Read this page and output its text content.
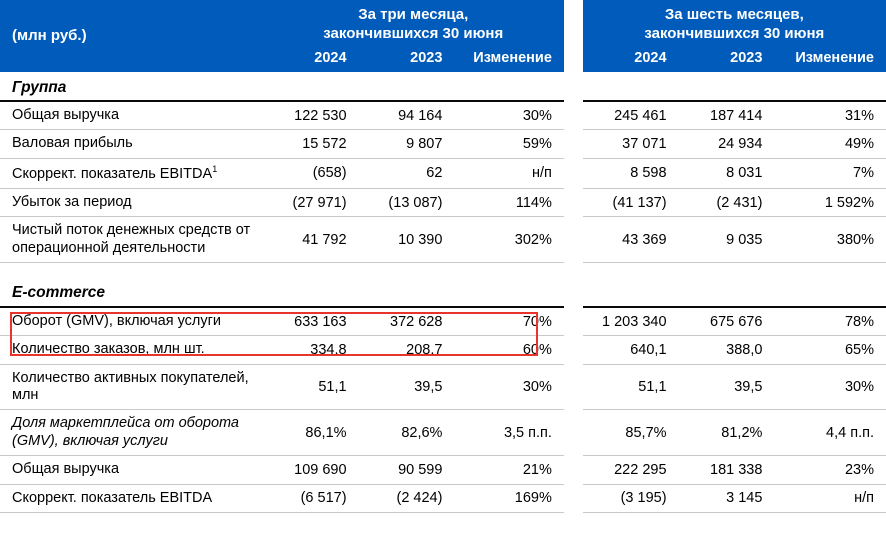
(млн руб.)	
За три месяца,
закончившихся 30 июня

За шесть месяцев,
закончившихся 30 июня

	2024	2023	Изменение		2024	2023	Изменение
Группа							
Общая выручка	122 530	94 164	30%		245 461	187 414	31%
Валовая прибыль	15 572	9 807	59%		37 071	24 934	49%
Скоррект. показатель EBITDA$^1$	(658)	62	н/п		8 598	8 031	7%
Убыток за период	(27 971)	(13 087)	114%		(41 137)	(2 431)	1 592%
Чистый поток денежных средств от операционной деятельности	41 792	10 390	302%		43 369	9 035	380%

E-commerce							
Оборот (GMV), включая услуги	633 163	372 628	70%		1 203 340	675 676	78%
Количество заказов, млн шт.	334,8	208,7	60%		640,1	388,0	65%
Количество активных покупателей, млн	51,1	39,5	30%		51,1	39,5	30%
Доля маркетплейса от оборота (GMV), включая услуги	86,1%	82,6%	3,5 п.п.		85,7%	81,2%	4,4 п.п.
Общая выручка	109 690	90 599	21%		222 295	181 338	23%
Скоррект. показатель EBITDA	(6 517)	(2 424)	169%		(3 195)	3 145	н/п
